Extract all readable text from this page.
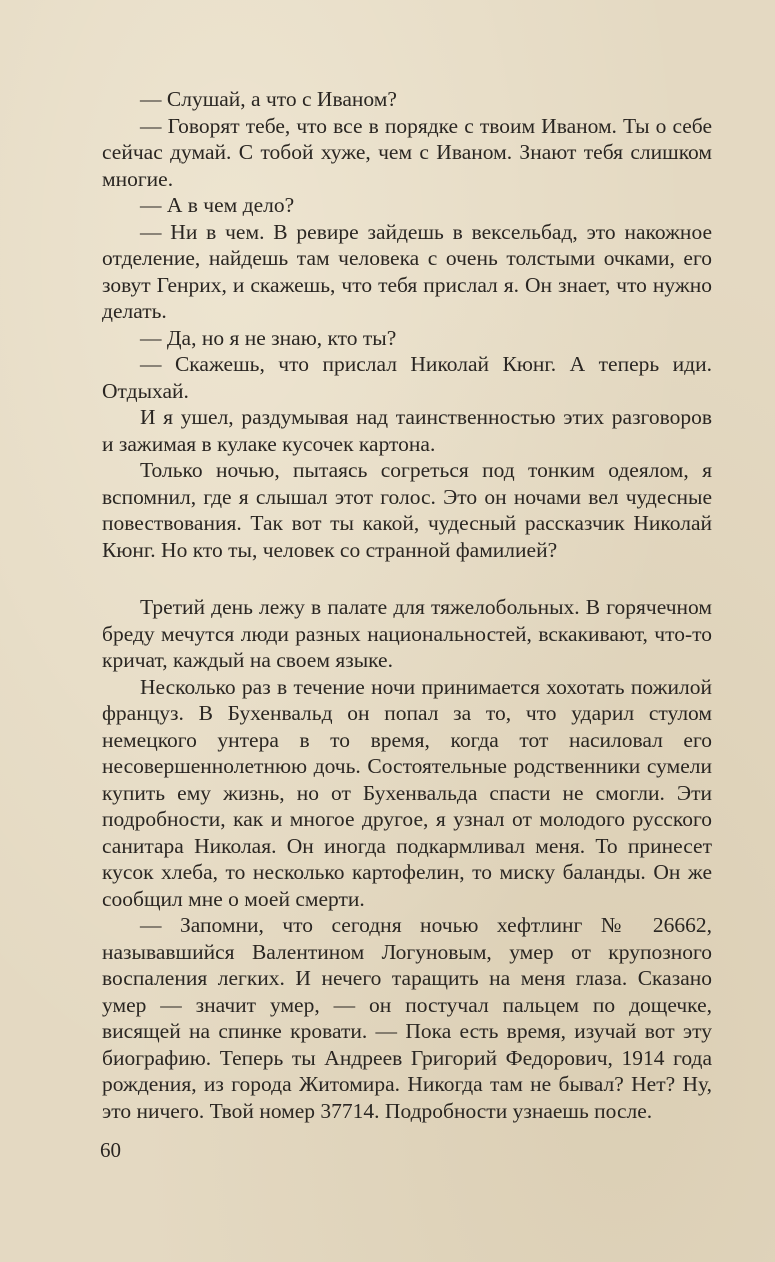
— Слушай, а что с Иваном?

— Говорят тебе, что все в порядке с твоим Иваном. Ты о себе сейчас думай. С тобой хуже, чем с Иваном. Знают тебя слишком многие.

— А в чем дело?

— Ни в чем. В ревире зайдешь в вексельбад, это накожное отделение, найдешь там человека с очень толстыми очками, его зовут Генрих, и скажешь, что тебя прислал я. Он знает, что нужно делать.

— Да, но я не знаю, кто ты?

— Скажешь, что прислал Николай Кюнг. А теперь иди. Отдыхай.

И я ушел, раздумывая над таинственностью этих разговоров и зажимая в кулаке кусочек картона.

Только ночью, пытаясь согреться под тонким одеялом, я вспомнил, где я слышал этот голос. Это он ночами вел чудесные повествования. Так вот ты какой, чудесный рассказчик Николай Кюнг. Но кто ты, человек со странной фамилией?

Третий день лежу в палате для тяжелобольных. В горячечном бреду мечутся люди разных национальностей, вскакивают, что-то кричат, каждый на своем языке.

Несколько раз в течение ночи принимается хохотать пожилой француз. В Бухенвальд он попал за то, что ударил стулом немецкого унтера в то время, когда тот насиловал его несовершеннолетнюю дочь. Состоятельные родственники сумели купить ему жизнь, но от Бухенвальда спасти не смогли. Эти подробности, как и многое другое, я узнал от молодого русского санитара Николая. Он иногда подкармливал меня. То принесет кусок хлеба, то несколько картофелин, то миску баланды. Он же сообщил мне о моей смерти.

— Запомни, что сегодня ночью хефтлинг № 26662, называвшийся Валентином Логуновым, умер от крупозного воспаления легких. И нечего таращить на меня глаза. Сказано умер — значит умер, — он постучал пальцем по дощечке, висящей на спинке кровати. — Пока есть время, изучай вот эту биографию. Теперь ты Андреев Григорий Федорович, 1914 года рождения, из города Житомира. Никогда там не бывал? Нет? Ну, это ничего. Твой номер 37714. Подробности узнаешь после.

60
